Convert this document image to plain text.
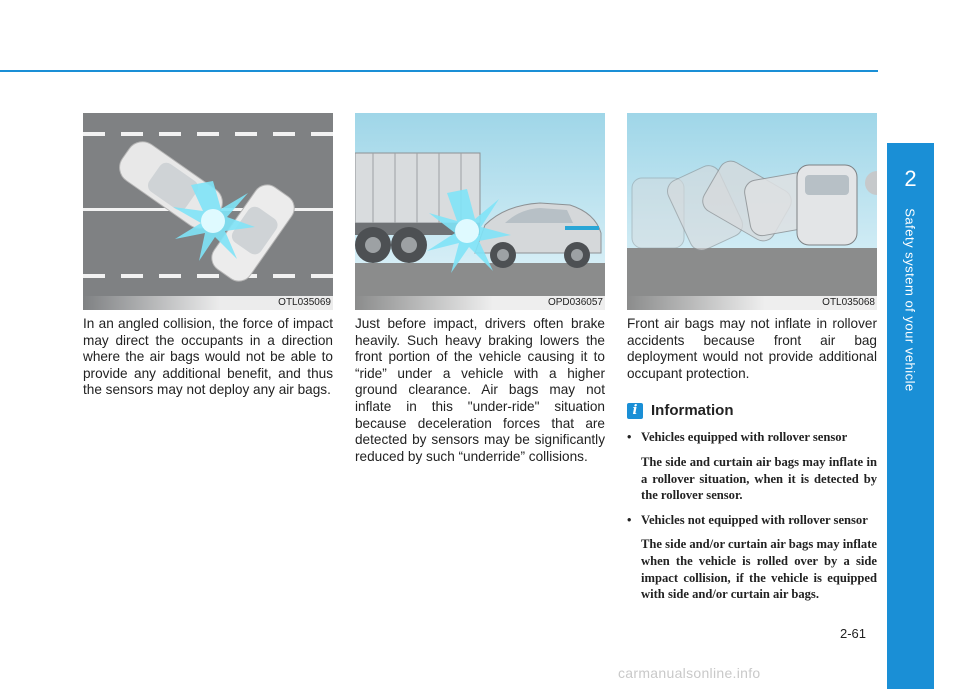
OTL035069

In an angled collision, the force of impact may direct the occupants in a direction where the air bags would not be able to provide any additional benefit, and thus the sensors may not deploy any air bags.

OPD036057

Just before impact, drivers often brake heavily. Such heavy braking lowers the front portion of the vehicle causing it to “ride” under a vehicle with a higher ground clearance. Air bags may not inflate in this "under-ride" situation because deceleration forces that are detected by sensors may be significantly reduced by such “underride” collisions.

OTL035068

Front air bags may not inflate in rollover accidents because front air bag deployment would not provide additional occupant protection.

i Information
• Vehicles equipped with rollover sensor
The side and curtain air bags may inflate in a rollover situation, when it is detected by the rollover sensor.
• Vehicles not equipped with rollover sensor
The side and/or curtain air bags may inflate when the vehicle is rolled over by a side impact collision, if the vehicle is equipped with side and/or curtain air bags.
2
Safety system of your vehicle
2-61
carmanualsonline.info
